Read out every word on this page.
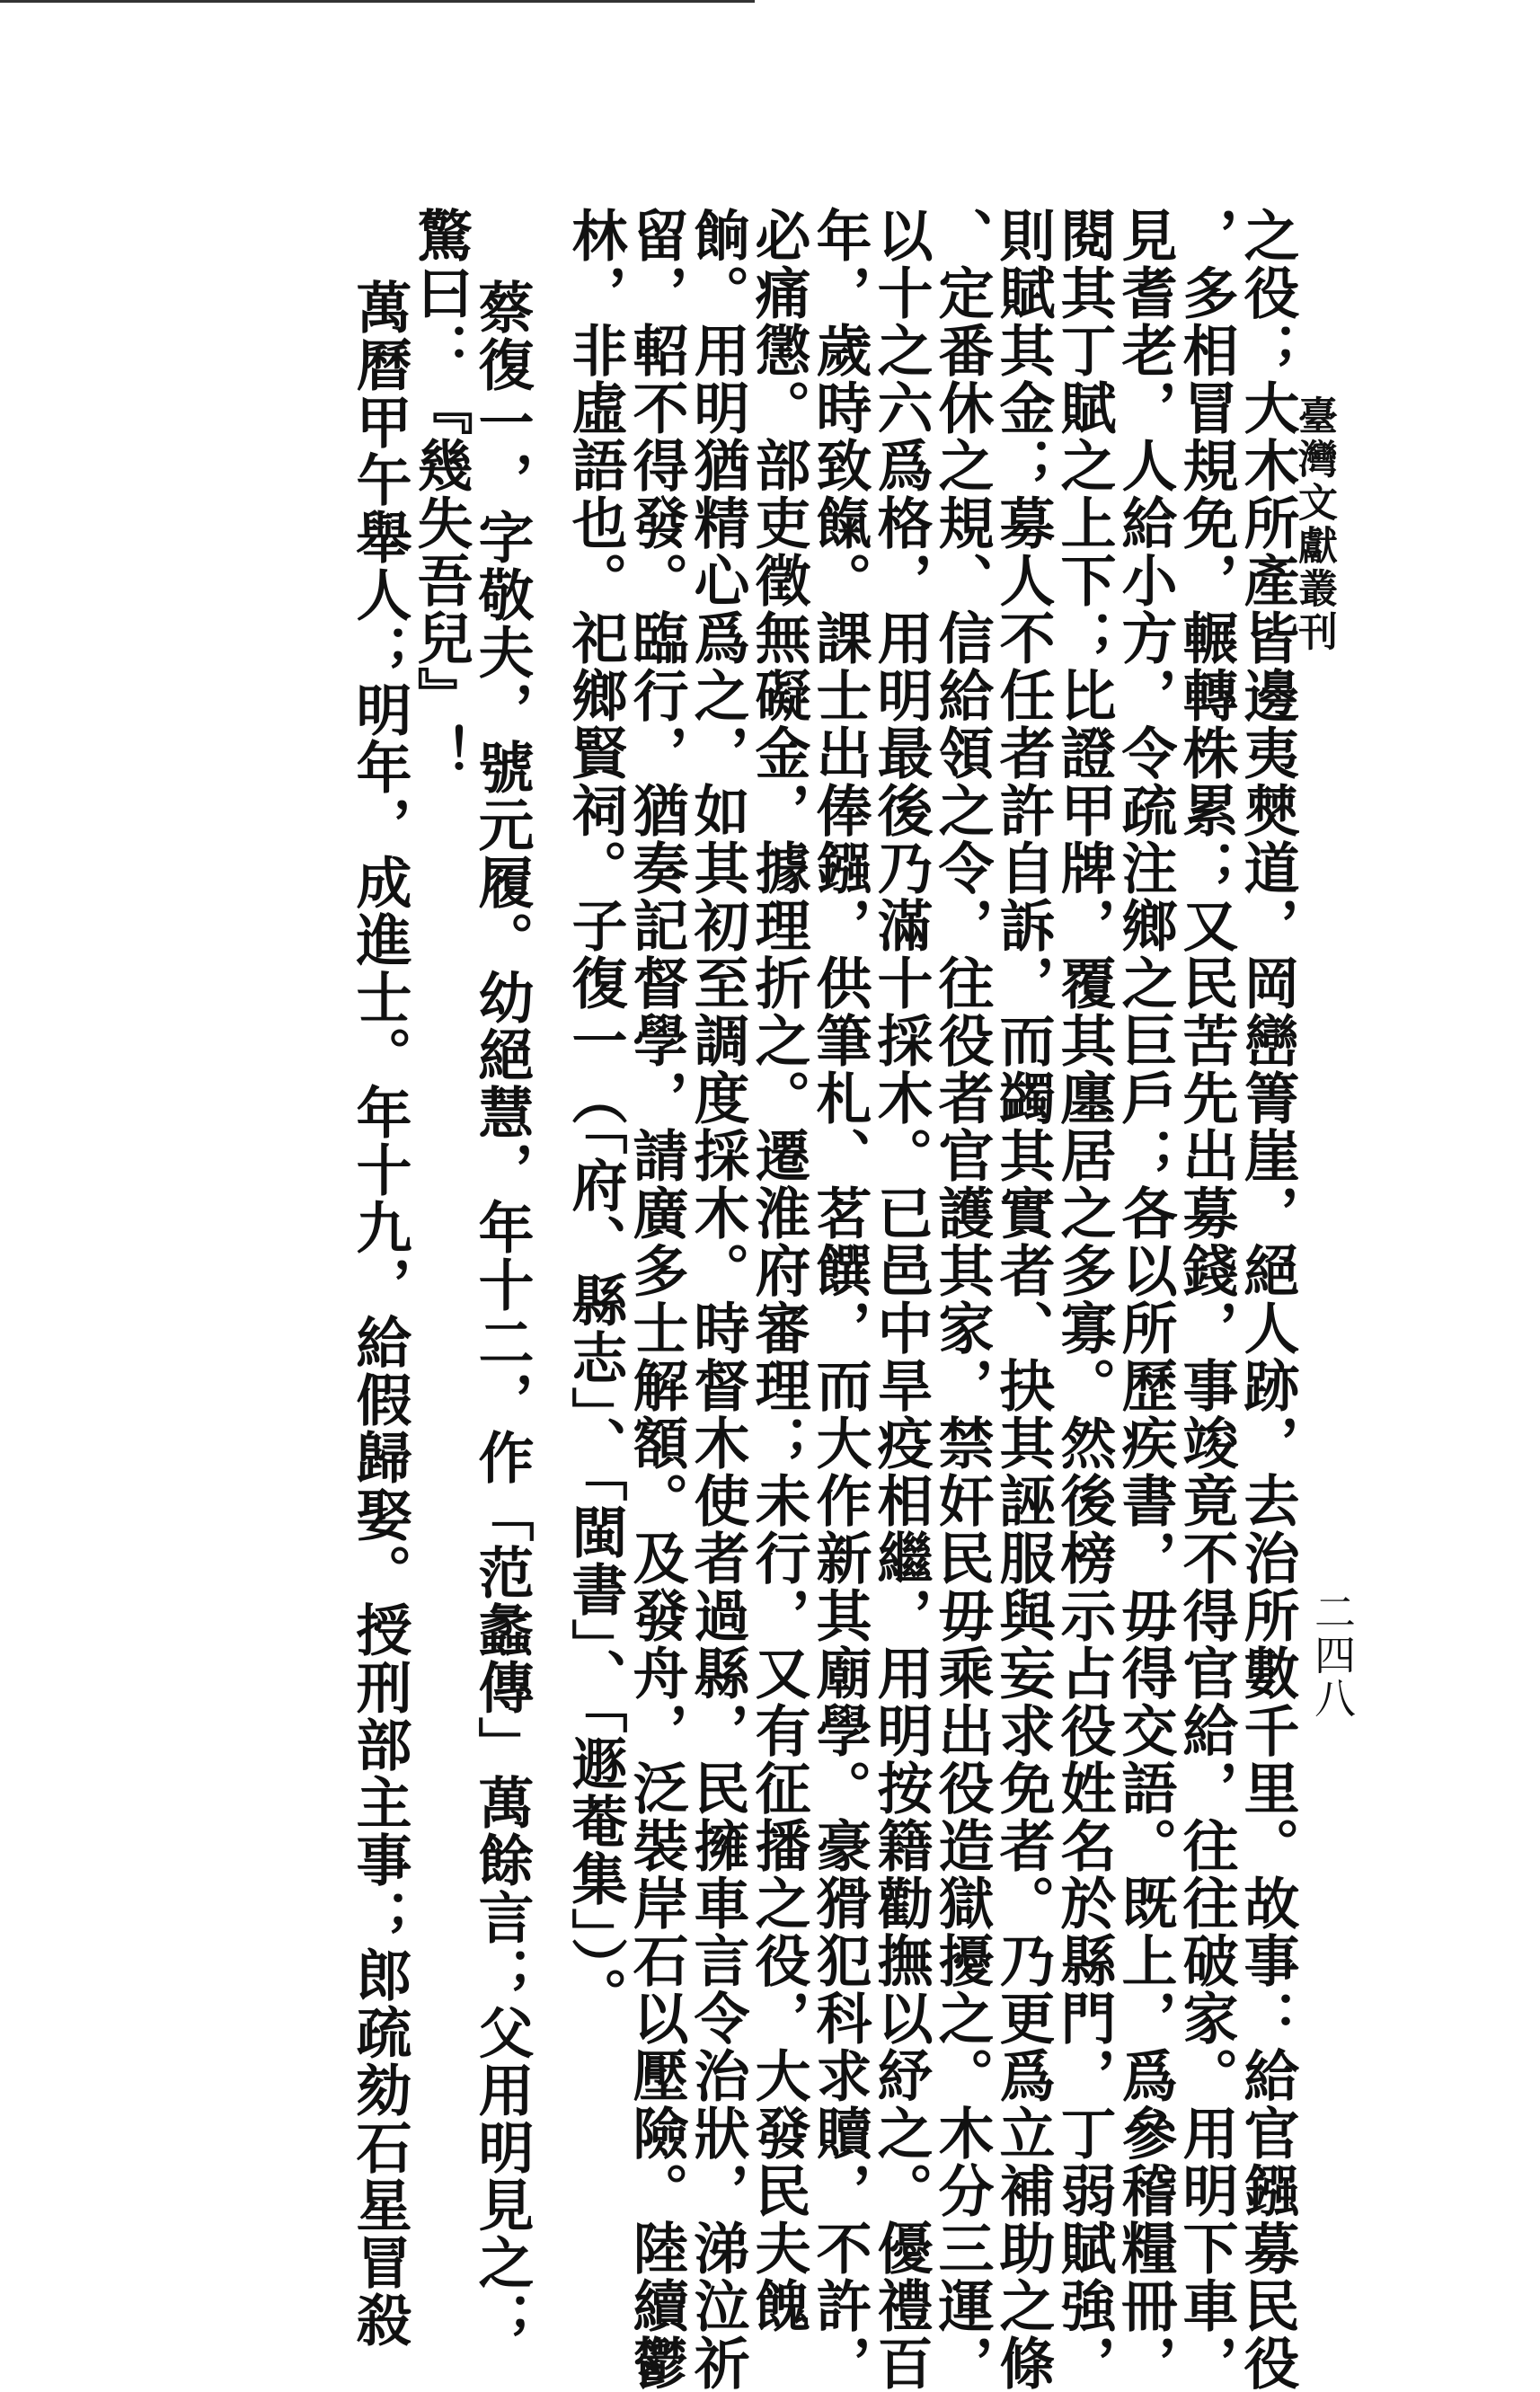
臺灣文獻叢刊
二四八

之役；大木所產皆邊夷僰道，岡巒箐崖，絕人跡，去治所數千里。故事：給官鏹募民役

，多相冒規免，輾轉株累；又民苦先出募錢，事竣竟不得官給，往往破家。用明下車，

見耆老，人給小方，令疏注鄉之巨戶；各以所歷疾書，毋得交語。既上，爲參稽糧冊，

閱其丁賦之上下；比證甲牌，覆其廛居之多寡。然後榜示占役姓名於縣門，丁弱賦強，

則賦其金；募人不任者許自訴，而蠲其實者、抉其誣服與妄求免者。乃更爲立補助之條

、定番休之規、信給領之令，往役者官護其家，禁奸民毋乘出役造獄擾之。木分三運，

以十之六爲格，用明最後乃滿十採木。已邑中旱疫相繼，用明按籍勸撫以紓之。優禮百

年，歲時致餼。課士出俸鏹，供筆札、茗饌，而大作新其廟學。豪猾犯科求贖，不許，

必痛懲。部吏徵無礙金，據理折之。遷淮府審理；未行，又有征播之役，大發民夫餽

餉。用明猶精心爲之，如其初至調度採木。時督木使者過縣，民擁車言令治狀，涕泣祈

留，軺不得發。臨行，猶奏記督學，請廣多士解額。及發舟，泛裝岸石以壓險。陸續鬱

林，非虛語也。祀鄉賢祠。子復一（「府、縣志」、「閩書」、「遯菴集」）。

蔡復一，字敬夫，號元履。幼絕慧，年十二，作「范蠡傳」萬餘言；父用明見之；

驚曰：『幾失吾兒』！

萬曆甲午舉人；明年，成進士。年十九，給假歸娶。授刑部主事；郎疏劾石星冒殺
